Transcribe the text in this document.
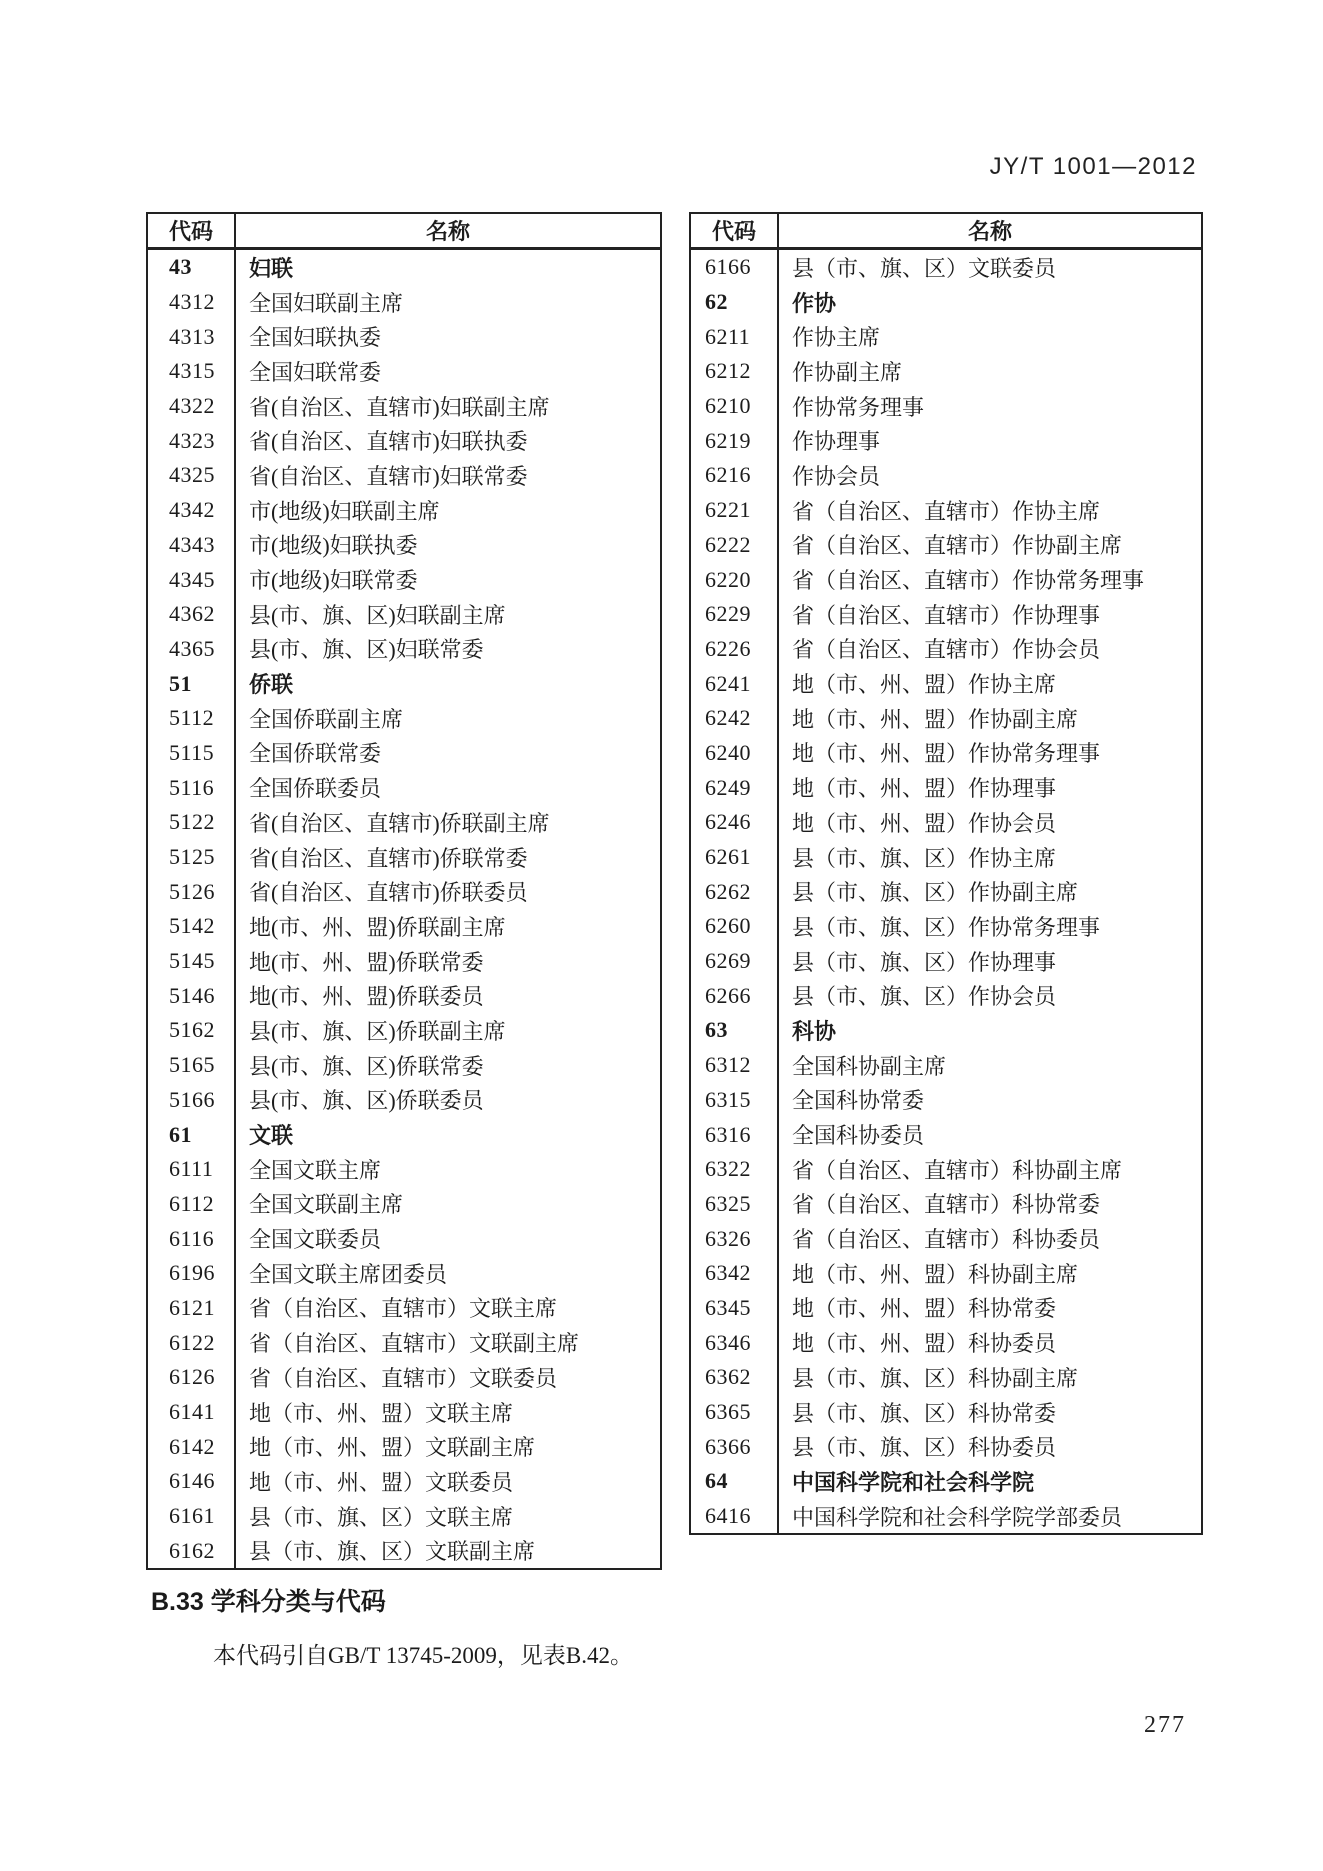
JY/T 1001—2012
代码	名称
43	妇联
4312	全国妇联副主席
4313	全国妇联执委
4315	全国妇联常委
4322	省(自治区、直辖市)妇联副主席
4323	省(自治区、直辖市)妇联执委
4325	省(自治区、直辖市)妇联常委
4342	市(地级)妇联副主席
4343	市(地级)妇联执委
4345	市(地级)妇联常委
4362	县(市、旗、区)妇联副主席
4365	县(市、旗、区)妇联常委
51	侨联
5112	全国侨联副主席
5115	全国侨联常委
5116	全国侨联委员
5122	省(自治区、直辖市)侨联副主席
5125	省(自治区、直辖市)侨联常委
5126	省(自治区、直辖市)侨联委员
5142	地(市、州、盟)侨联副主席
5145	地(市、州、盟)侨联常委
5146	地(市、州、盟)侨联委员
5162	县(市、旗、区)侨联副主席
5165	县(市、旗、区)侨联常委
5166	县(市、旗、区)侨联委员
61	文联
6111	全国文联主席
6112	全国文联副主席
6116	全国文联委员
6196	全国文联主席团委员
6121	省（自治区、直辖市）文联主席
6122	省（自治区、直辖市）文联副主席
6126	省（自治区、直辖市）文联委员
6141	地（市、州、盟）文联主席
6142	地（市、州、盟）文联副主席
6146	地（市、州、盟）文联委员
6161	县（市、旗、区）文联主席
6162	县（市、旗、区）文联副主席
代码	名称
6166	县（市、旗、区）文联委员
62	作协
6211	作协主席
6212	作协副主席
6210	作协常务理事
6219	作协理事
6216	作协会员
6221	省（自治区、直辖市）作协主席
6222	省（自治区、直辖市）作协副主席
6220	省（自治区、直辖市）作协常务理事
6229	省（自治区、直辖市）作协理事
6226	省（自治区、直辖市）作协会员
6241	地（市、州、盟）作协主席
6242	地（市、州、盟）作协副主席
6240	地（市、州、盟）作协常务理事
6249	地（市、州、盟）作协理事
6246	地（市、州、盟）作协会员
6261	县（市、旗、区）作协主席
6262	县（市、旗、区）作协副主席
6260	县（市、旗、区）作协常务理事
6269	县（市、旗、区）作协理事
6266	县（市、旗、区）作协会员
63	科协
6312	全国科协副主席
6315	全国科协常委
6316	全国科协委员
6322	省（自治区、直辖市）科协副主席
6325	省（自治区、直辖市）科协常委
6326	省（自治区、直辖市）科协委员
6342	地（市、州、盟）科协副主席
6345	地（市、州、盟）科协常委
6346	地（市、州、盟）科协委员
6362	县（市、旗、区）科协副主席
6365	县（市、旗、区）科协常委
6366	县（市、旗、区）科协委员
64	中国科学院和社会科学院
6416	中国科学院和社会科学院学部委员
B.33 学科分类与代码
本代码引自GB/T 13745-2009，见表B.42。
277
